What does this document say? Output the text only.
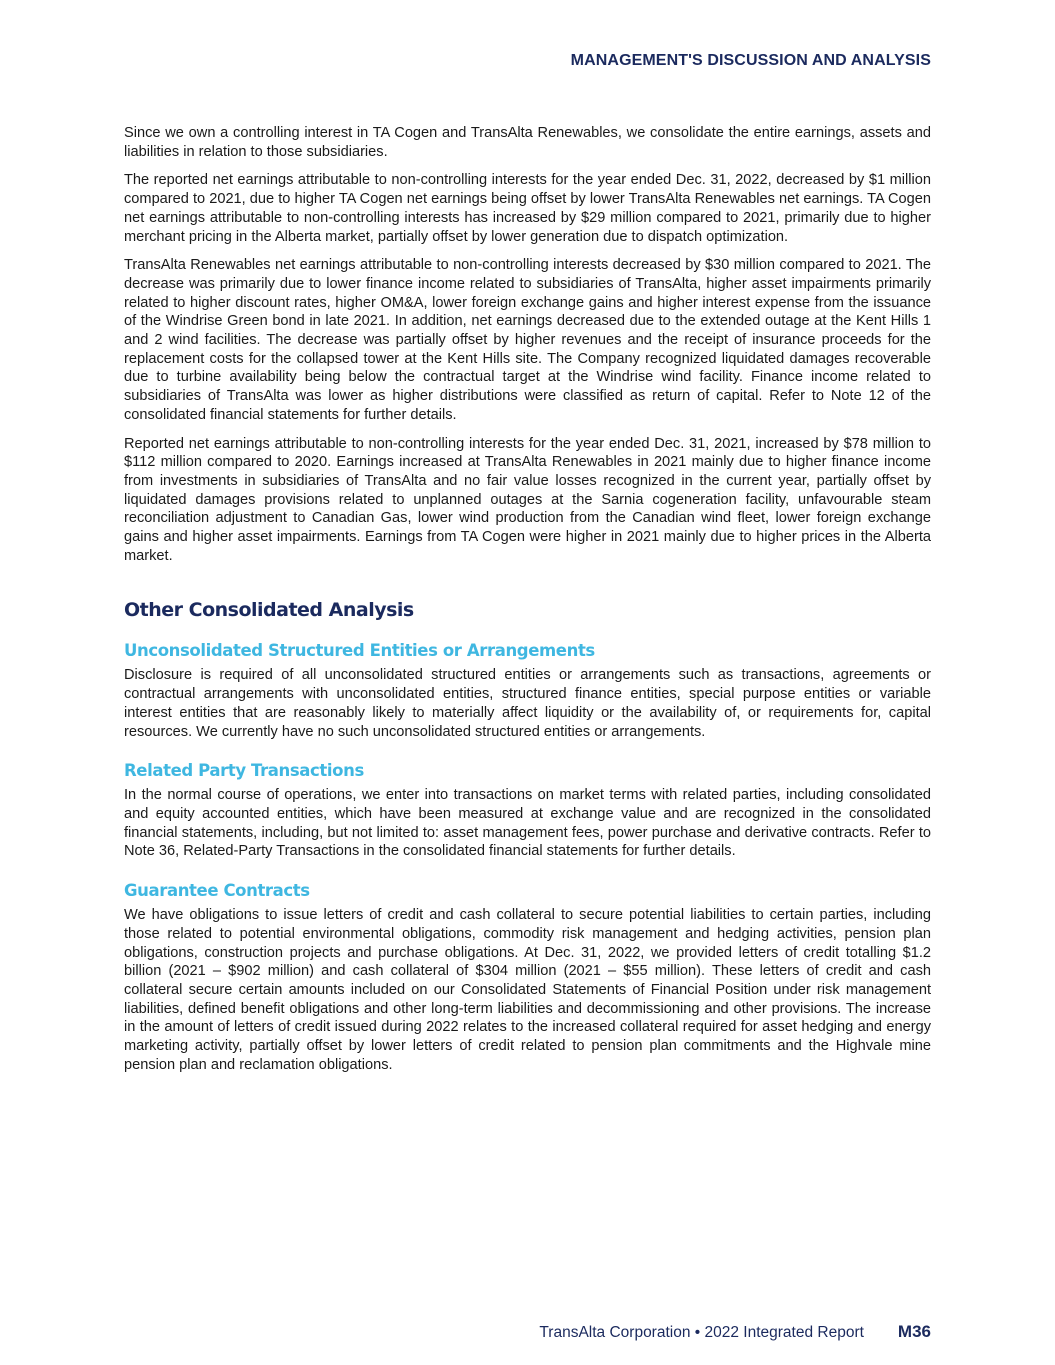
MANAGEMENT'S DISCUSSION AND ANALYSIS

Since we own a controlling interest in TA Cogen and TransAlta Renewables, we consolidate the entire earnings, assets and liabilities in relation to those subsidiaries.

The reported net earnings attributable to non-controlling interests for the year ended Dec. 31, 2022, decreased by $1 million compared to 2021, due to higher TA Cogen net earnings being offset by lower TransAlta Renewables net earnings. TA Cogen net earnings attributable to non-controlling interests has increased by $29 million compared to 2021, primarily due to higher merchant pricing in the Alberta market, partially offset by lower generation due to dispatch optimization.

TransAlta Renewables net earnings attributable to non-controlling interests decreased by $30 million compared to 2021. The decrease was primarily due to lower finance income related to subsidiaries of TransAlta, higher asset impairments primarily related to higher discount rates, higher OM&A, lower foreign exchange gains and higher interest expense from the issuance of the Windrise Green bond in late 2021. In addition, net earnings decreased due to the extended outage at the Kent Hills 1 and 2 wind facilities. The decrease was partially offset by higher revenues and the receipt of insurance proceeds for the replacement costs for the collapsed tower at the Kent Hills site. The Company recognized liquidated damages recoverable due to turbine availability being below the contractual target at the Windrise wind facility. Finance income related to subsidiaries of TransAlta was lower as higher distributions were classified as return of capital. Refer to Note 12 of the consolidated financial statements for further details.

Reported net earnings attributable to non-controlling interests for the year ended Dec. 31, 2021, increased by $78 million to $112 million compared to 2020. Earnings increased at TransAlta Renewables in 2021 mainly due to higher finance income from investments in subsidiaries of TransAlta and no fair value losses recognized in the current year, partially offset by liquidated damages provisions related to unplanned outages at the Sarnia cogeneration facility, unfavourable steam reconciliation adjustment to Canadian Gas, lower wind production from the Canadian wind fleet, lower foreign exchange gains and higher asset impairments. Earnings from TA Cogen were higher in 2021 mainly due to higher prices in the Alberta market.

Other Consolidated Analysis
Unconsolidated Structured Entities or Arrangements

Disclosure is required of all unconsolidated structured entities or arrangements such as transactions, agreements or contractual arrangements with unconsolidated entities, structured finance entities, special purpose entities or variable interest entities that are reasonably likely to materially affect liquidity or the availability of, or requirements for, capital resources. We currently have no such unconsolidated structured entities or arrangements.

Related Party Transactions

In the normal course of operations, we enter into transactions on market terms with related parties, including consolidated and equity accounted entities, which have been measured at exchange value and are recognized in the consolidated financial statements, including, but not limited to: asset management fees, power purchase and derivative contracts. Refer to Note 36, Related-Party Transactions in the consolidated financial statements for further details.

Guarantee Contracts

We have obligations to issue letters of credit and cash collateral to secure potential liabilities to certain parties, including those related to potential environmental obligations, commodity risk management and hedging activities, pension plan obligations, construction projects and purchase obligations. At Dec. 31, 2022, we provided letters of credit totalling $1.2 billion (2021 – $902 million) and cash collateral of $304 million (2021 – $55 million). These letters of credit and cash collateral secure certain amounts included on our Consolidated Statements of Financial Position under risk management liabilities, defined benefit obligations and other long-term liabilities and decommissioning and other provisions. The increase in the amount of letters of credit issued during 2022 relates to the increased collateral required for asset hedging and energy marketing activity, partially offset by lower letters of credit related to pension plan commitments and the Highvale mine pension plan and reclamation obligations.

TransAlta Corporation • 2022 Integrated Report M36
